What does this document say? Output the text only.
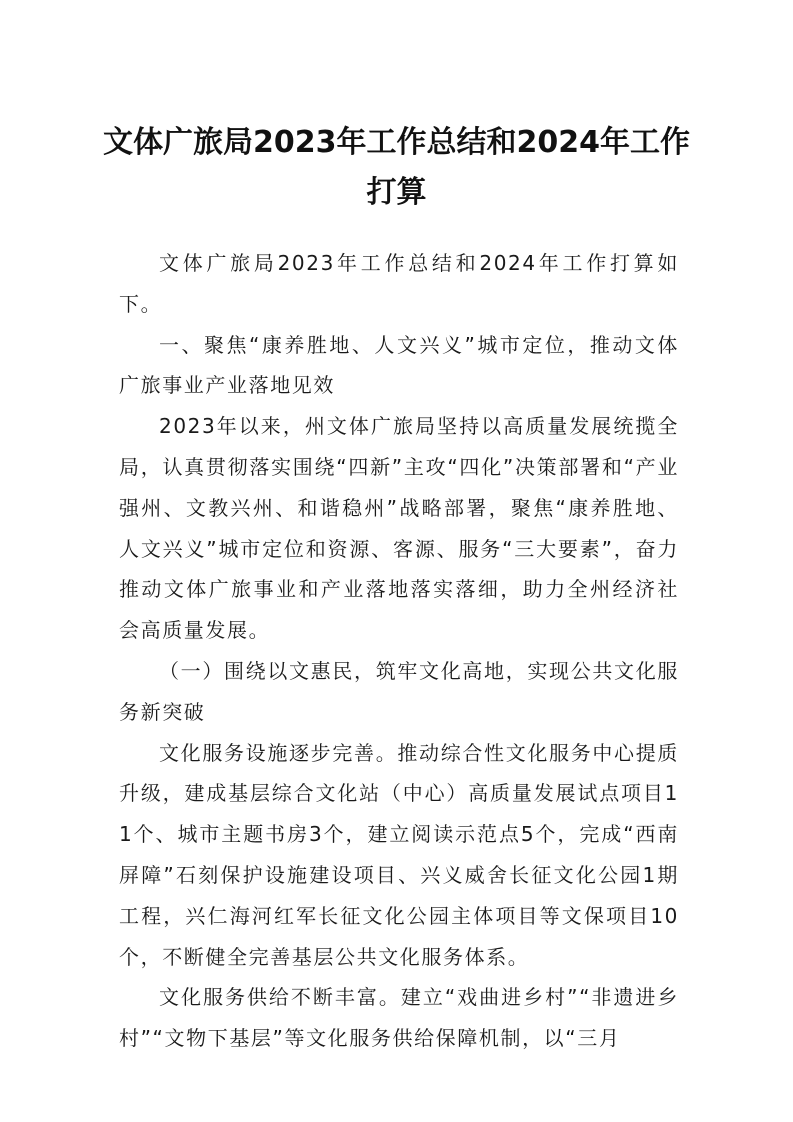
文体广旅局2023年工作总结和2024年工作打算

文体广旅局2023年工作总结和2024年工作打算如下。

一、聚焦“康养胜地、人文兴义”城市定位，推动文体广旅事业产业落地见效

2023年以来，州文体广旅局坚持以高质量发展统揽全局，认真贯彻落实围绕“四新”主攻“四化”决策部署和“产业强州、文教兴州、和谐稳州”战略部署，聚焦“康养胜地、人文兴义”城市定位和资源、客源、服务“三大要素”，奋力推动文体广旅事业和产业落地落实落细，助力全州经济社会高质量发展。

（一）围绕以文惠民，筑牢文化高地，实现公共文化服务新突破

文化服务设施逐步完善。推动综合性文化服务中心提质升级，建成基层综合文化站（中心）高质量发展试点项目11个、城市主题书房3个，建立阅读示范点5个，完成“西南屏障”石刻保护设施建设项目、兴义威舍长征文化公园1期工程，兴仁海河红军长征文化公园主体项目等文保项目10个，不断健全完善基层公共文化服务体系。

文化服务供给不断丰富。建立“戏曲进乡村”“非遗进乡村”“文物下基层”等文化服务供给保障机制，以“三月
